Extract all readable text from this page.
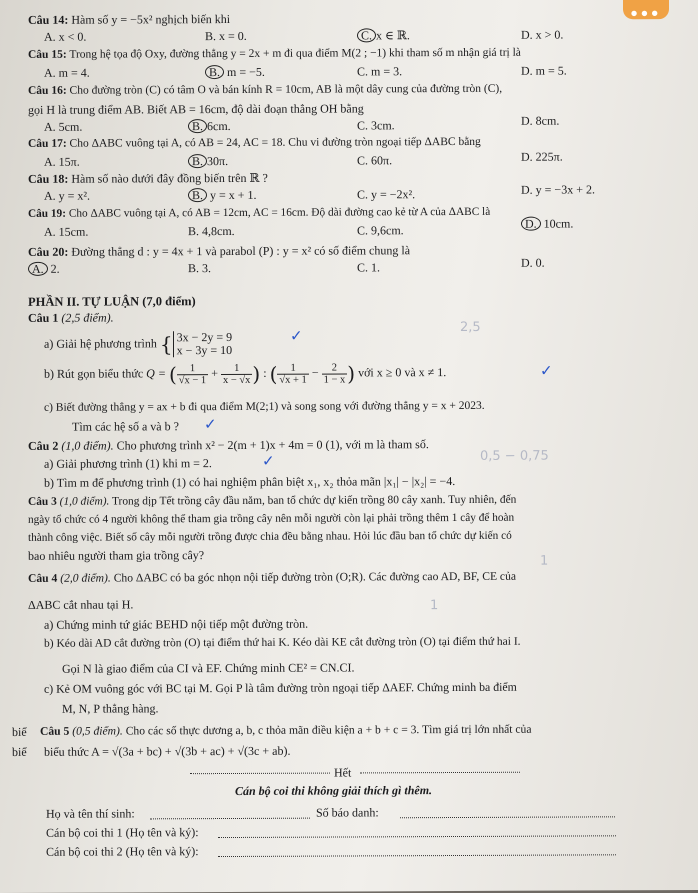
● ● ●
Câu 14: Hàm số y = −5x² nghịch biến khi
A. x < 0.	B. x = 0.	C. x ∈ ℝ.	D. x > 0.
Câu 15: Trong hệ tọa độ Oxy, đường thẳng y = 2x + m đi qua điểm M(2 ; −1) khi tham số m nhận giá trị là
A. m = 4.	B. m = −5.	C. m = 3.	D. m = 5.
Câu 16: Cho đường tròn (C) có tâm O và bán kính R = 10cm, AB là một dây cung của đường tròn (C),
gọi H là trung điểm AB. Biết AB = 16cm, độ dài đoạn thẳng OH bằng
A. 5cm.	B. 6cm.	C. 3cm.	D. 8cm.
Câu 17: Cho ΔABC vuông tại A, có AB = 24, AC = 18. Chu vi đường tròn ngoại tiếp ΔABC bằng
A. 15π.	B. 30π.	C. 60π.	D. 225π.
Câu 18: Hàm số nào dưới đây đồng biến trên ℝ ?
A. y = x².	B. y = x + 1.	C. y = −2x².	D. y = −3x + 2.
Câu 19: Cho ΔABC vuông tại A, có AB = 12cm, AC = 16cm. Độ dài đường cao kẻ từ A của ΔABC là
A. 15cm.	B. 4,8cm.	C. 9,6cm.	D. 10cm.
Câu 20: Đường thẳng d : y = 4x + 1 và parabol (P) : y = x² có số điểm chung là
A. 2.	B. 3.	C. 1.	D. 0.
PHẦN II. TỰ LUẬN (7,0 điểm)
Câu 1 (2,5 điểm).
a) Giải hệ phương trình { 3x − 2y = 9
x − 3y = 10
✓	2,5
b) Rút gọn biểu thức Q = ( $\frac{1}{√x - 1} + \frac{1}{x - √x}$ ) : ( $\frac{1}{√x + 1} - \frac{2}{1 - x}$ ) với x ≥ 0 và x ≠ 1.	✓
c) Biết đường thẳng y = ax + b đi qua điểm M(2;1) và song song với đường thẳng y = x + 2023.
Tìm các hệ số a và b ? ✓
Câu 2 (1,0 điểm). Cho phương trình x² − 2(m + 1)x + 4m = 0 (1), với m là tham số.
0,5 − 0,75
a) Giải phương trình (1) khi m = 2.	✓
b) Tìm m để phương trình (1) có hai nghiệm phân biệt x₁, x₂ thỏa mãn |x₁| − |x₂| = −4.
Câu 3 (1,0 điểm). Trong dịp Tết trồng cây đầu năm, ban tổ chức dự kiến trồng 80 cây xanh. Tuy nhiên, đến
ngày tổ chức có 4 người không thể tham gia trồng cây nên mỗi người còn lại phải trồng thêm 1 cây để hoàn
thành công việc. Biết số cây mỗi người trồng được chia đều bằng nhau. Hỏi lúc đầu ban tổ chức dự kiến có
bao nhiêu người tham gia trồng cây?	1
Câu 4 (2,0 điểm). Cho ΔABC có ba góc nhọn nội tiếp đường tròn (O;R). Các đường cao AD, BF, CE của
ΔABC cắt nhau tại H.	1
a) Chứng minh tứ giác BEHD nội tiếp một đường tròn.
b) Kéo dài AD cắt đường tròn (O) tại điểm thứ hai K. Kéo dài KE cắt đường tròn (O) tại điểm thứ hai I.
Gọi N là giao điểm của CI và EF. Chứng minh CE² = CN.CI.
c) Kẻ OM vuông góc với BC tại M. Gọi P là tâm đường tròn ngoại tiếp ΔAEF. Chứng minh ba điểm
M, N, P thẳng hàng.
biể
biể
Câu 5 (0,5 điểm). Cho các số thực dương a, b, c thỏa mãn điều kiện a + b + c = 3. Tìm giá trị lớn nhất của
biểu thức A = √(3a + bc) + √(3b + ac) + √(3c + ab).
Hết
Cán bộ coi thi không giải thích gì thêm.
Họ và tên thí sinh:	Số báo danh:
Cán bộ coi thi 1 (Họ tên và ký):
Cán bộ coi thi 2 (Họ tên và ký):
